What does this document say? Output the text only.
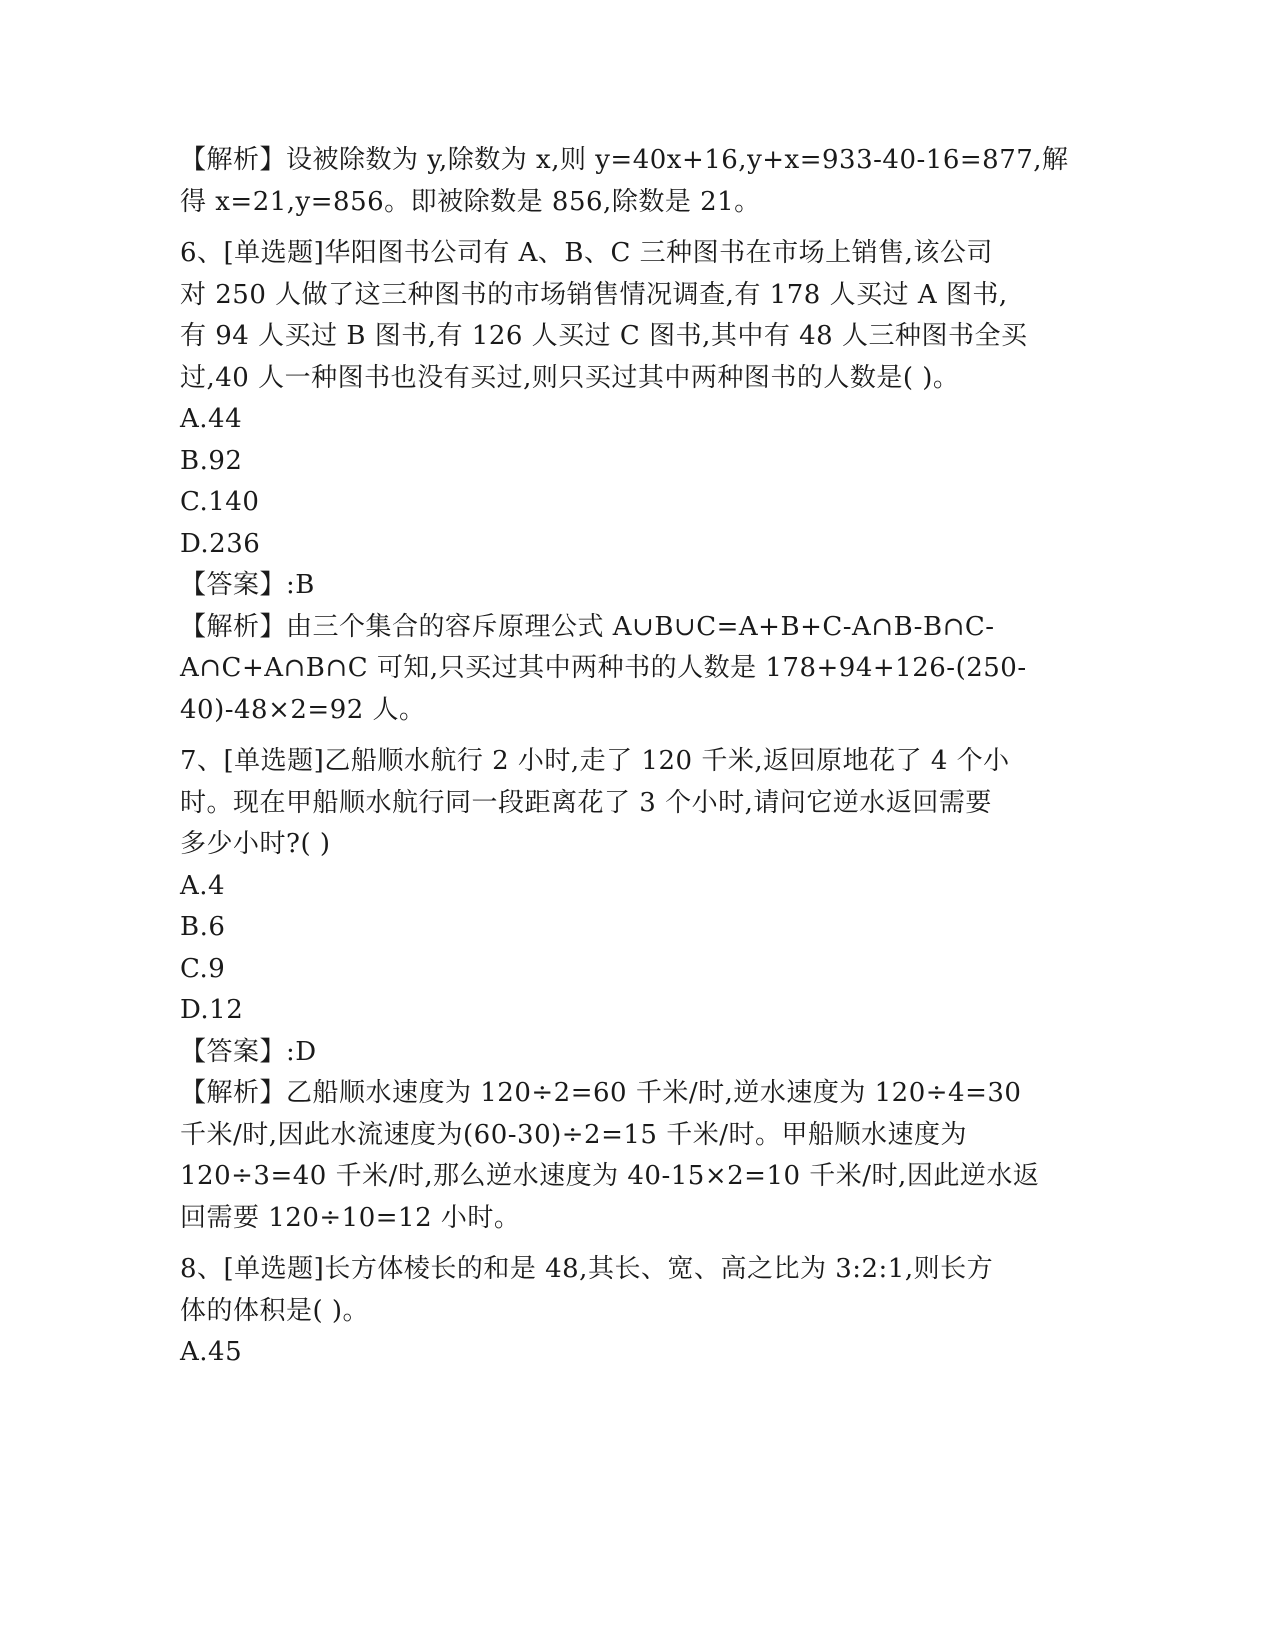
【解析】设被除数为 y,除数为 x,则 y=40x+16,y+x=933-40-16=877,解
得 x=21,y=856。即被除数是 856,除数是 21。
6、[单选题]华阳图书公司有 A、B、C 三种图书在市场上销售,该公司
对 250 人做了这三种图书的市场销售情况调查,有 178 人买过 A 图书,
有 94 人买过 B 图书,有 126 人买过 C 图书,其中有 48 人三种图书全买
过,40 人一种图书也没有买过,则只买过其中两种图书的人数是( )。
A.44
B.92
C.140
D.236
【答案】:B
【解析】由三个集合的容斥原理公式 A∪B∪C=A+B+C-A∩B-B∩C-
A∩C+A∩B∩C 可知,只买过其中两种书的人数是 178+94+126-(250-
40)-48×2=92 人。
7、[单选题]乙船顺水航行 2 小时,走了 120 千米,返回原地花了 4 个小
时。现在甲船顺水航行同一段距离花了 3 个小时,请问它逆水返回需要
多少小时?( )
A.4
B.6
C.9
D.12
【答案】:D
【解析】乙船顺水速度为 120÷2=60 千米/时,逆水速度为 120÷4=30
千米/时,因此水流速度为(60-30)÷2=15 千米/时。甲船顺水速度为
120÷3=40 千米/时,那么逆水速度为 40-15×2=10 千米/时,因此逆水返
回需要 120÷10=12 小时。
8、[单选题]长方体棱长的和是 48,其长、宽、高之比为 3:2:1,则长方
体的体积是( )。
A.45
